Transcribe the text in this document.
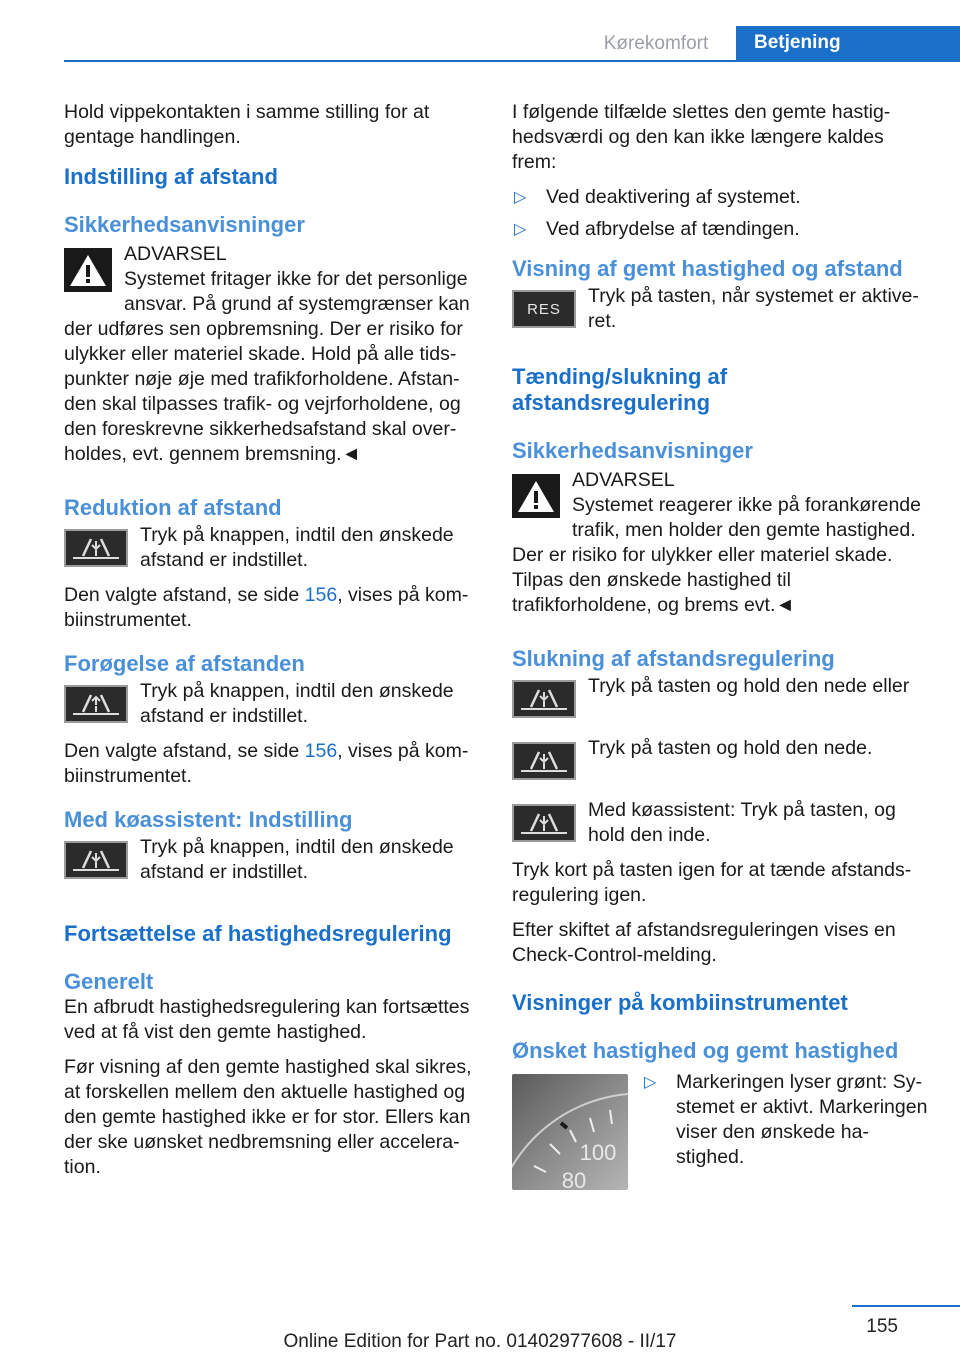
Kørekomfort	Betjening

Hold vippekontakten i samme stilling for at gentage handlingen.

Indstilling af afstand
Sikkerhedsanvisninger

ADVARSEL

Systemet fritager ikke for det personlige ansvar. På grund af systemgrænser kan der udføres sen opbremsning. Der er risiko for ulykker eller materiel skade. Hold på alle tidspunkter nøje øje med trafikforholdene. Afstanden skal tilpasses trafik- og vejrforholdene, og den foreskrevne sikkerhedsafstand skal overholdes, evt. gennem bremsning.◄

Reduktion af afstand

Tryk på knappen, indtil den ønskede afstand er indstillet.

Den valgte afstand, se side 156, vises på kombiinstrumentet.

Forøgelse af afstanden

Tryk på knappen, indtil den ønskede afstand er indstillet.

Den valgte afstand, se side 156, vises på kombiinstrumentet.

Med køassistent: Indstilling

Tryk på knappen, indtil den ønskede afstand er indstillet.

Fortsættelse af hastighedsregulering
Generelt

En afbrudt hastighedsregulering kan fortsættes ved at få vist den gemte hastighed.

Før visning af den gemte hastighed skal sikres, at forskellen mellem den aktuelle hastighed og den gemte hastighed ikke er for stor. Ellers kan der ske uønsket nedbremsning eller acceleration.

I følgende tilfælde slettes den gemte hastighedsværdi og den kan ikke længere kaldes frem:

▷ Ved deaktivering af systemet.
▷ Ved afbrydelse af tændingen.
Visning af gemt hastighed og afstand
RES

Tryk på tasten, når systemet er aktiveret.

Tænding/slukning af afstandsregulering
Sikkerhedsanvisninger

ADVARSEL

Systemet reagerer ikke på forankørende trafik, men holder den gemte hastighed. Der er risiko for ulykker eller materiel skade. Tilpas den ønskede hastighed til trafikforholdene, og brems evt.◄

Slukning af afstandsregulering

Tryk på tasten og hold den nede eller

Tryk på tasten og hold den nede.

Med køassistent: Tryk på tasten, og hold den inde.

Tryk kort på tasten igen for at tænde afstandsregulering igen.

Efter skiftet af afstandsreguleringen vises en Check-Control-melding.

Visninger på kombiinstrumentet
Ønsket hastighed og gemt hastighed
100
80
▷ Markeringen lyser grønt: Systemet er aktivt. Markeringen viser den ønskede hastighed.
155
Online Edition for Part no. 01402977608 - II/17
